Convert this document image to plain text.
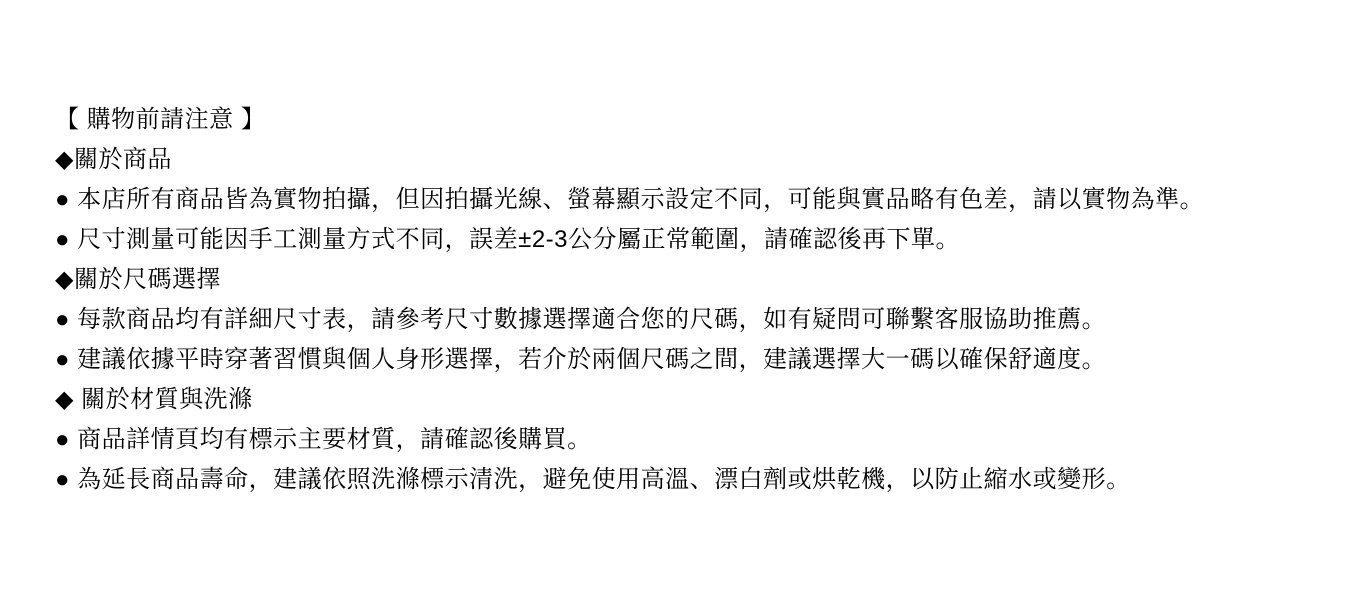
【 購物前請注意 】
◆關於商品
● 本店所有商品皆為實物拍攝，但因拍攝光線、螢幕顯示設定不同，可能與實品略有色差，請以實物為準。
● 尺寸測量可能因手工測量方式不同，誤差±2-3公分屬正常範圍，請確認後再下單。
◆關於尺碼選擇
● 每款商品均有詳細尺寸表，請參考尺寸數據選擇適合您的尺碼，如有疑問可聯繫客服協助推薦。
● 建議依據平時穿著習慣與個人身形選擇，若介於兩個尺碼之間，建議選擇大一碼以確保舒適度。
◆ 關於材質與洗滌
● 商品詳情頁均有標示主要材質，請確認後購買。
● 為延長商品壽命，建議依照洗滌標示清洗，避免使用高溫、漂白劑或烘乾機，以防止縮水或變形。
